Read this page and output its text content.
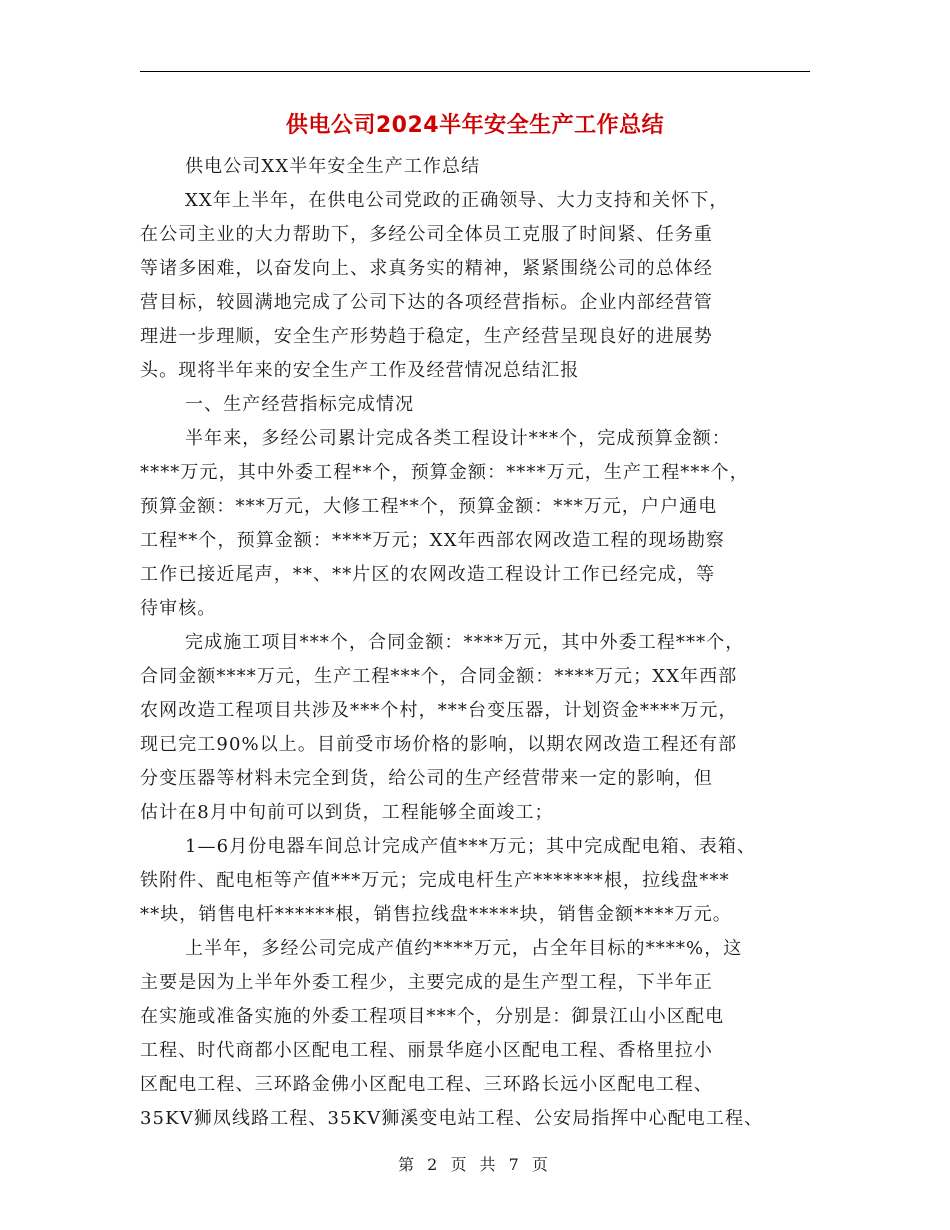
供电公司2024半年安全生产工作总结
供电公司XX半年安全生产工作总结
XX年上半年，在供电公司党政的正确领导、大力支持和关怀下，
在公司主业的大力帮助下，多经公司全体员工克服了时间紧、任务重
等诸多困难，以奋发向上、求真务实的精神，紧紧围绕公司的总体经
营目标，较圆满地完成了公司下达的各项经营指标。企业内部经营管
理进一步理顺，安全生产形势趋于稳定，生产经营呈现良好的进展势
头。现将半年来的安全生产工作及经营情况总结汇报
一、生产经营指标完成情况
半年来，多经公司累计完成各类工程设计***个，完成预算金额：
****万元，其中外委工程**个，预算金额：****万元，生产工程***个，
预算金额：***万元，大修工程**个，预算金额：***万元，户户通电
工程**个，预算金额：****万元；XX年西部农网改造工程的现场勘察
工作已接近尾声，**、**片区的农网改造工程设计工作已经完成，等
待审核。
完成施工项目***个，合同金额：****万元，其中外委工程***个，
合同金额****万元，生产工程***个，合同金额：****万元；XX年西部
农网改造工程项目共涉及***个村，***台变压器，计划资金****万元，
现已完工90%以上。目前受市场价格的影响，以期农网改造工程还有部
分变压器等材料未完全到货，给公司的生产经营带来一定的影响，但
估计在8月中旬前可以到货，工程能够全面竣工；
1—6月份电器车间总计完成产值***万元；其中完成配电箱、表箱、
铁附件、配电柜等产值***万元；完成电杆生产*******根，拉线盘***
**块，销售电杆******根，销售拉线盘*****块，销售金额****万元。
上半年，多经公司完成产值约****万元，占全年目标的****%，这
主要是因为上半年外委工程少，主要完成的是生产型工程，下半年正
在实施或准备实施的外委工程项目***个，分别是：御景江山小区配电
工程、时代商都小区配电工程、丽景华庭小区配电工程、香格里拉小
区配电工程、三环路金佛小区配电工程、三环路长远小区配电工程、
35KV狮凤线路工程、35KV狮溪变电站工程、公安局指挥中心配电工程、
第 2 页 共 7 页
